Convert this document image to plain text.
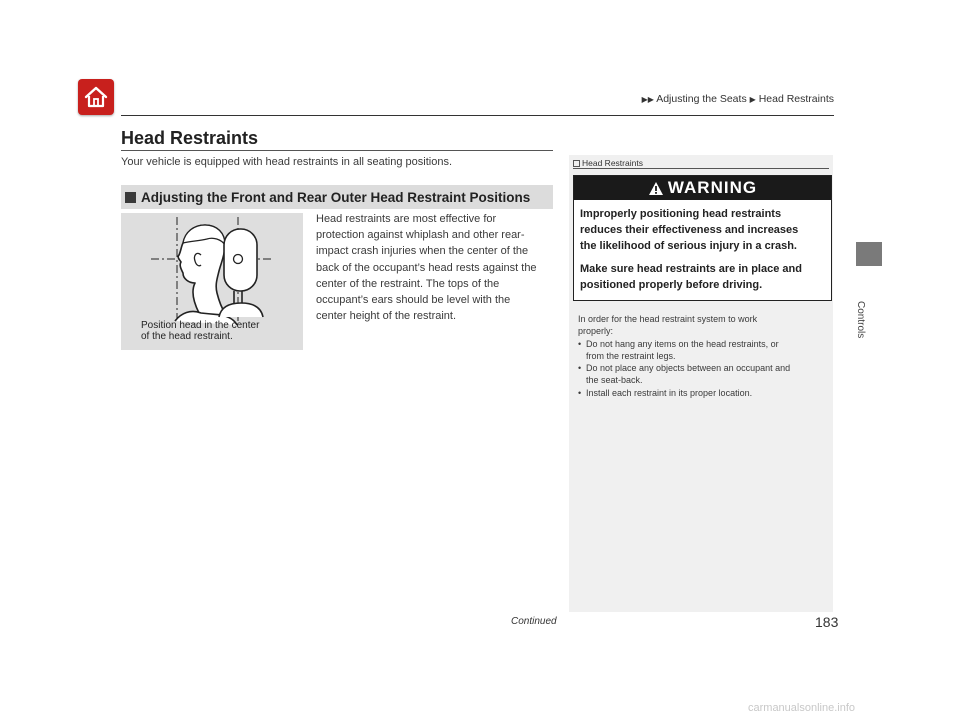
▶▶ Adjusting the Seats ▶ Head Restraints
Head Restraints
Your vehicle is equipped with head restraints in all seating positions.
Adjusting the Front and Rear Outer Head Restraint Positions
Position head in the center
of the head restraint.
Head restraints are most effective for
protection against whiplash and other rear-
impact crash injuries when the center of the
back of the occupant’s head rests against the
center of the restraint. The tops of the
occupant’s ears should be level with the
center height of the restraint.
Head Restraints
WARNING

Improperly positioning head restraints
reduces their effectiveness and increases
the likelihood of serious injury in a crash.

Make sure head restraints are in place and
positioned properly before driving.

In order for the head restraint system to work
properly:
• Do not hang any items on the head restraints, or
from the restraint legs.
• Do not place any objects between an occupant and
the seat-back.
• Install each restraint in its proper location.
Controls
Continued	183
carmanualsonline.info
